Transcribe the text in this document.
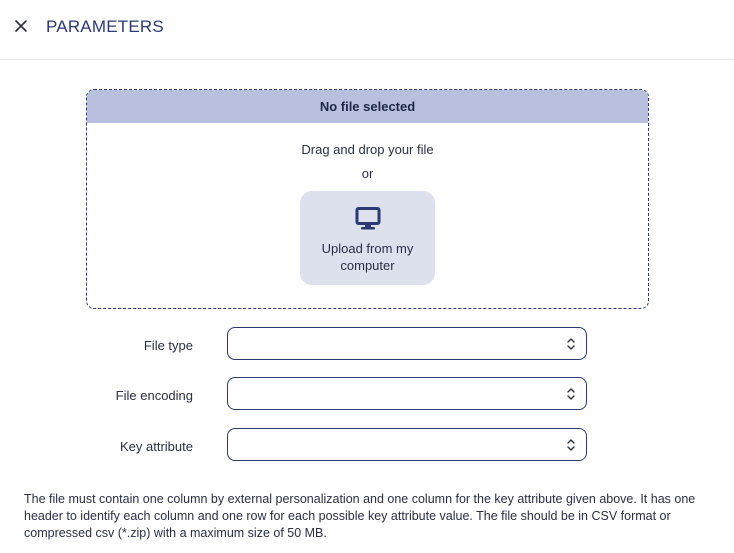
PARAMETERS
No file selected
Drag and drop your file
or
Upload from my computer
File type
File encoding
Key attribute
The file must contain one column by external personalization and one column for the key attribute given above. It has one header to identify each column and one row for each possible key attribute value. The file should be in CSV format or compressed csv (*.zip) with a maximum size of 50 MB.
